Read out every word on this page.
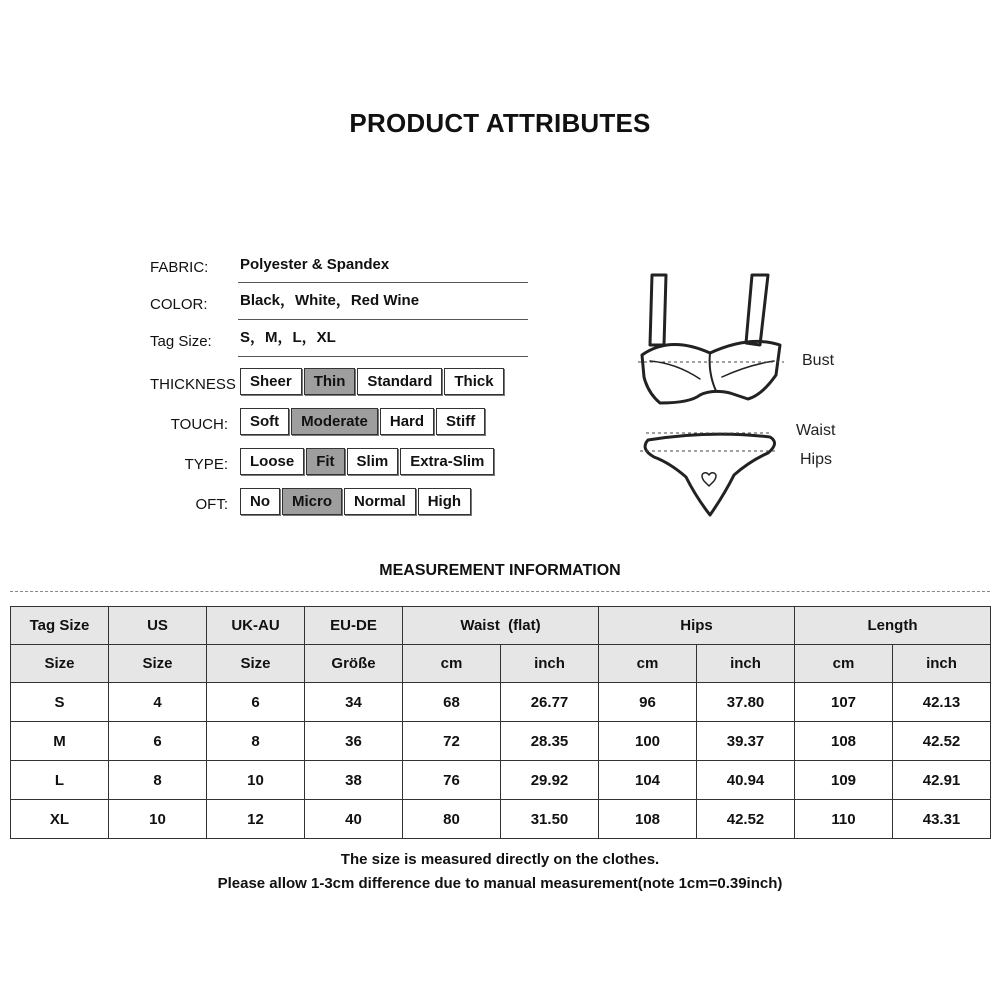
PRODUCT ATTRIBUTES
FABRIC: Polyester & Spandex
COLOR: Black，White，Red Wine
Tag Size: S，M，L，XL
THICKNESS Sheer	Thin	Standard	Thick
TOUCH:	Soft	Moderate	Hard	Stiff
TYPE:	Loose	Fit	Slim	Extra-Slim
OFT:	No	Micro	Normal	High
Bust
Waist
Hips
MEASUREMENT INFORMATION
Tag Size	US	UK-AU	EU-DE	Waist  (flat)		Hips		Length	
Size	Size	Size	Größe	cm	inch	cm	inch	cm	inch
S	4	6	34	68	26.77	96	37.80	107	42.13
M	6	8	36	72	28.35	100	39.37	108	42.52
L	8	10	38	76	29.92	104	40.94	109	42.91
XL	10	12	40	80	31.50	108	42.52	110	43.31
The size is measured directly on the clothes.
Please allow 1-3cm difference due to manual measurement(note 1cm=0.39inch)
